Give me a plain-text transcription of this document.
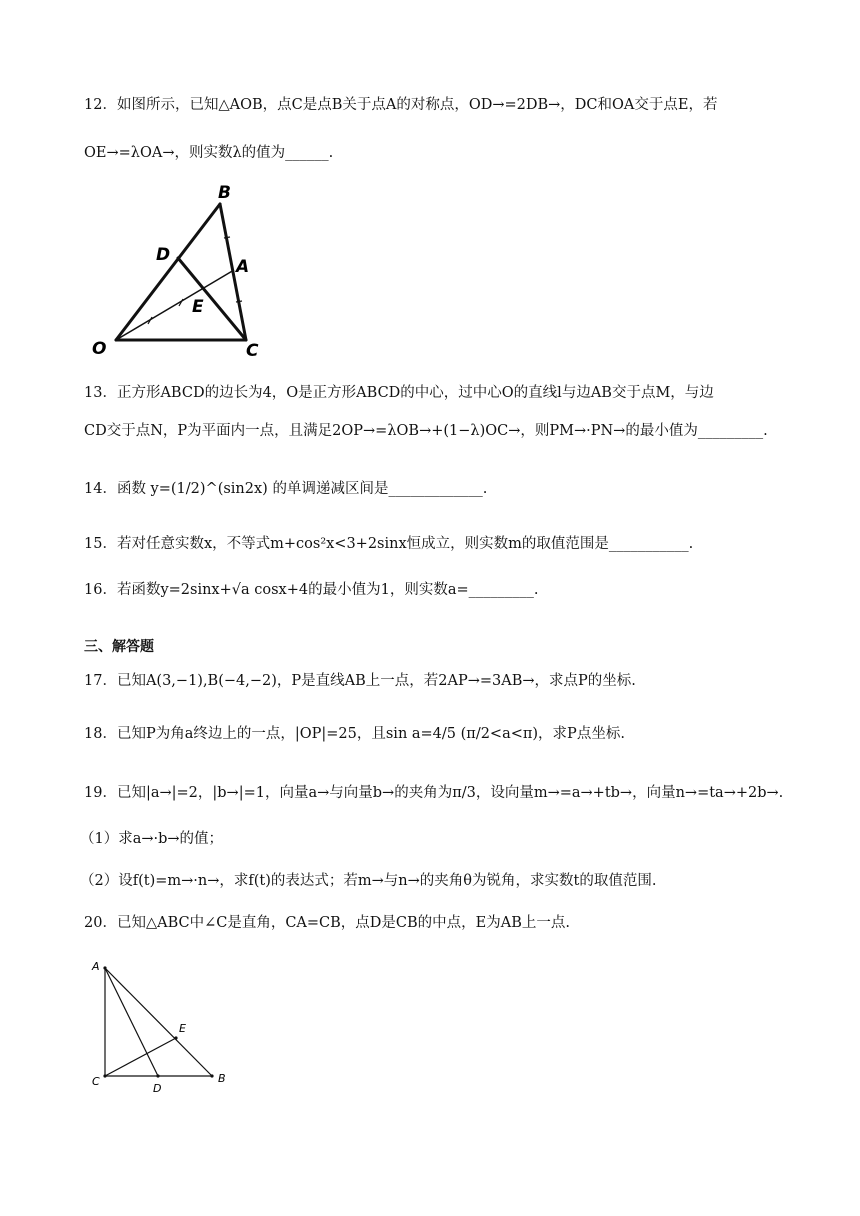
12．如图所示，已知△AOB，点C是点B关于点A的对称点，OD→=2DB→，DC和OA交于点E，若
OE→=λOA→，则实数λ的值为______.
B
D
A
E
O	C
13．正方形ABCD的边长为4，O是正方形ABCD的中心，过中心O的直线l与边AB交于点M，与边
CD交于点N，P为平面内一点，且满足2OP→=λOB→+(1−λ)OC→，则PM→·PN→的最小值为_________.
14．函数 y=(1/2)^(sin2x) 的单调递减区间是_____________.
15．若对任意实数x，不等式m+cos²x<3+2sinx恒成立，则实数m的取值范围是___________.
16．若函数y=2sinx+√a cosx+4的最小值为1，则实数a=_________.
三、解答题
17．已知A(3,−1),B(−4,−2)，P是直线AB上一点，若2AP→=3AB→，求点P的坐标.
18．已知P为角a终边上的一点，|OP|=25，且sin a=4/5 (π/2<a<π)，求P点坐标.
19．已知|a→|=2，|b→|=1，向量a→与向量b→的夹角为π/3，设向量m→=a→+tb→，向量n→=ta→+2b→.
（1）求a→·b→的值；
（2）设f(t)=m→·n→，求f(t)的表达式；若m→与n→的夹角θ为锐角，求实数t的取值范围.
20．已知△ABC中∠C是直角，CA=CB，点D是CB的中点，E为AB上一点.
A
E
C
D
B
